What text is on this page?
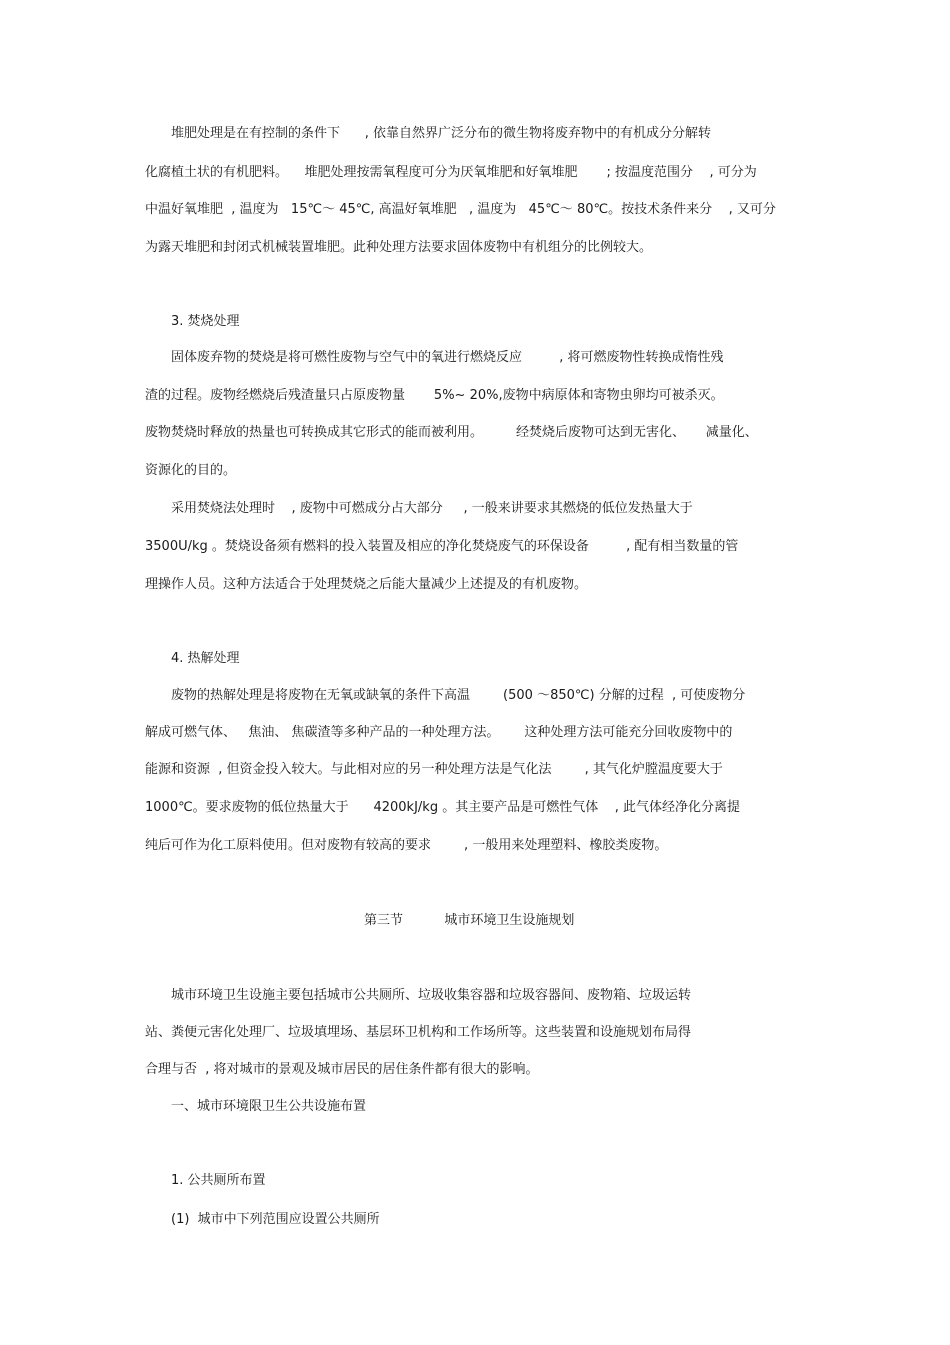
堆肥处理是在有控制的条件下      , 依靠自然界广泛分布的微生物将废弃物中的有机成分分解转

化腐植土状的有机肥料。    堆肥处理按需氧程度可分为厌氧堆肥和好氧堆肥       ; 按温度范围分    , 可分为

中温好氧堆肥  , 温度为   15℃～ 45℃, 高温好氧堆肥   , 温度为   45℃～ 80℃。按技术条件来分    , 又可分

为露天堆肥和封闭式机械装置堆肥。此种处理方法要求固体废物中有机组分的比例较大。

3. 焚烧处理

固体废弃物的焚烧是将可燃性废物与空气中的氧进行燃烧反应         , 将可燃废物性转换成惰性残

渣的过程。废物经燃烧后残渣量只占原废物量       5%~ 20%,废物中病原体和寄物虫卵均可被杀灭。

废物焚烧时释放的热量也可转换成其它形式的能而被利用。        经焚烧后废物可达到无害化、     减量化、

资源化的目的。

采用焚烧法处理时    , 废物中可燃成分占大部分     , 一般来讲要求其燃烧的低位发热量大于

3500U/kg 。焚烧设备须有燃料的投入装置及相应的净化焚烧废气的环保设备         , 配有相当数量的管

理操作人员。这种方法适合于处理焚烧之后能大量减少上述提及的有机废物。

4. 热解处理

废物的热解处理是将废物在无氧或缺氧的条件下高温        (500 ～850℃) 分解的过程  , 可使废物分

解成可燃气体、   焦油、 焦碳渣等多种产品的一种处理方法。      这种处理方法可能充分回收废物中的

能源和资源  , 但资金投入较大。与此相对应的另一种处理方法是气化法        , 其气化炉膛温度要大于

1000℃。要求废物的低位热量大于      4200kJ/kg 。其主要产品是可燃性气体    , 此气体经净化分离提

纯后可作为化工原料使用。但对废物有较高的要求        , 一般用来处理塑料、橡胶类废物。

第三节          城市环境卫生设施规划

城市环境卫生设施主要包括城市公共厕所、垃圾收集容器和垃圾容器间、废物箱、垃圾运转

站、粪便元害化处理厂、垃圾填埋场、基层环卫机构和工作场所等。这些装置和设施规划布局得

合理与否  , 将对城市的景观及城市居民的居住条件都有很大的影响。

一、城市环境限卫生公共设施布置

1. 公共厕所布置

(1)  城市中下列范围应设置公共厕所
